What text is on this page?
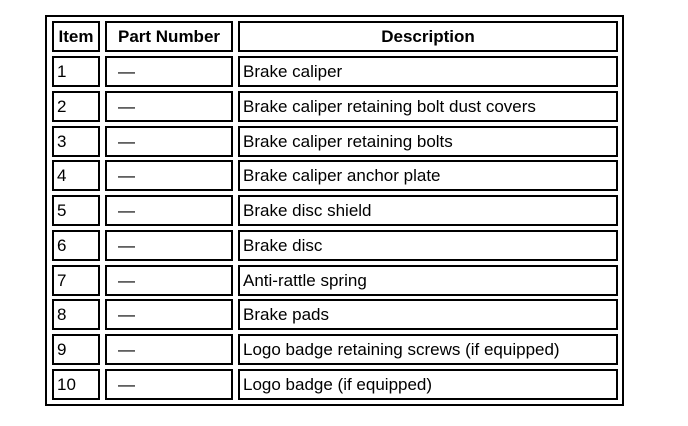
Item	Part Number	Description
1	—	Brake caliper
2	—	Brake caliper retaining bolt dust covers
3	—	Brake caliper retaining bolts
4	—	Brake caliper anchor plate
5	—	Brake disc shield
6	—	Brake disc
7	—	Anti-rattle spring
8	—	Brake pads
9	—	Logo badge retaining screws (if equipped)
10	—	Logo badge (if equipped)
